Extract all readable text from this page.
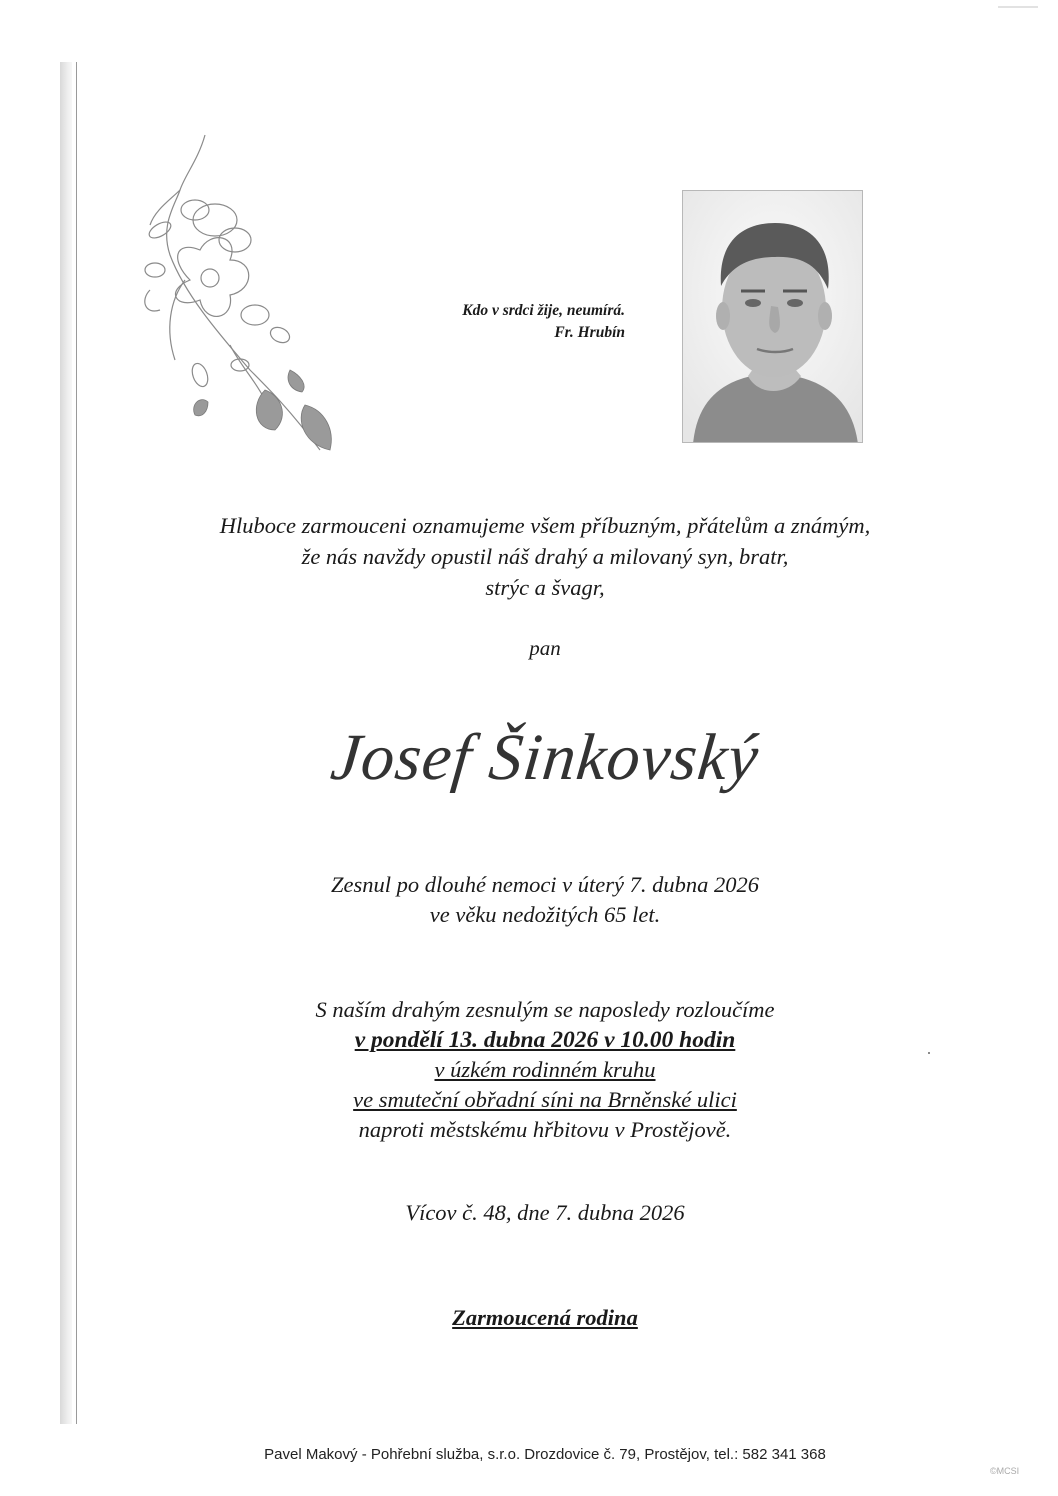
Kdo v srdci žije, neumírá.
Fr. Hrubín
Hluboce zarmouceni oznamujeme všem příbuzným, přátelům a známým,
že nás navždy opustil náš drahý a milovaný syn, bratr,
strýc a švagr,
pan
Josef Šinkovský
Zesnul po dlouhé nemoci v úterý 7. dubna 2026
ve věku nedožitých 65 let.
S naším drahým zesnulým se naposledy rozloučíme
v pondělí 13. dubna 2026 v 10.00 hodin
v úzkém rodinném kruhu
ve smuteční obřadní síni na Brněnské ulici
naproti městskému hřbitovu v Prostějově.
Vícov č. 48, dne 7. dubna 2026
Zarmoucená rodina
Pavel Makový - Pohřební služba, s.r.o. Drozdovice č. 79, Prostějov, tel.: 582 341 368
©MCSI
